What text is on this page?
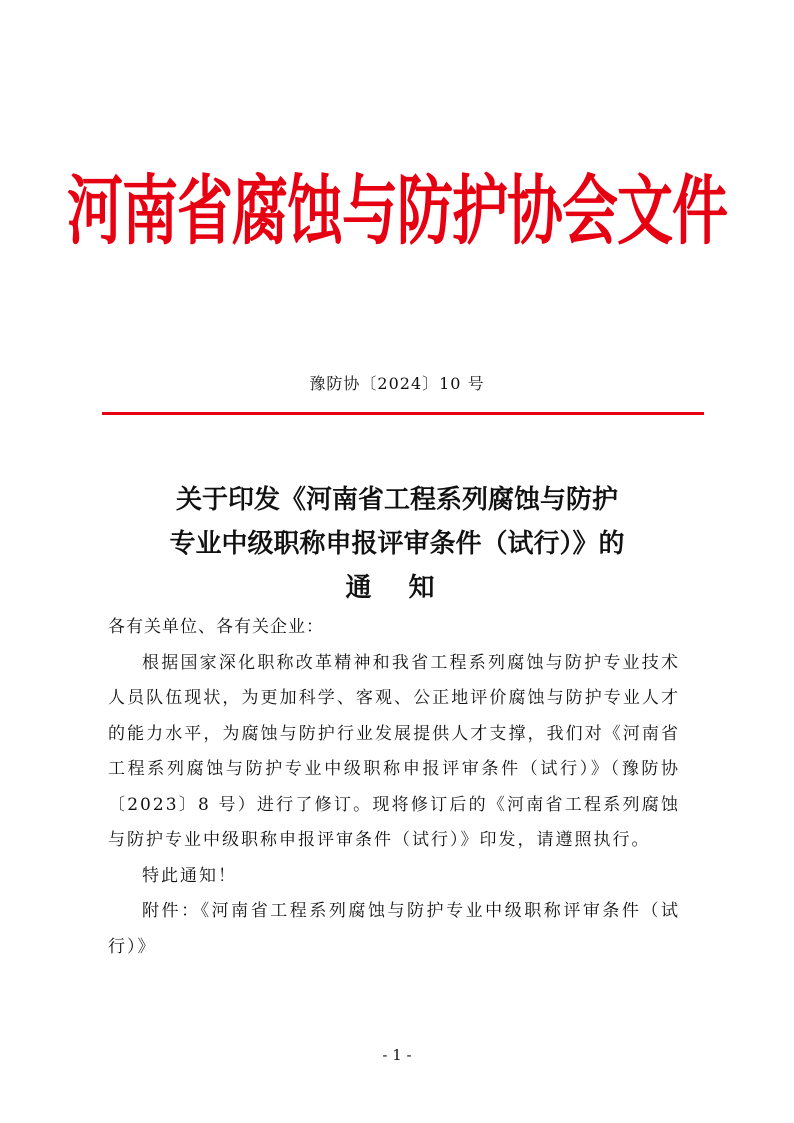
河南省腐蚀与防护协会文件
豫防协〔2024〕10 号
关于印发《河南省工程系列腐蚀与防护
专业中级职称申报评审条件（试行）》的
通 知

各有关单位、各有关企业：

根据国家深化职称改革精神和我省工程系列腐蚀与防护专业技术人员队伍现状，为更加科学、客观、公正地评价腐蚀与防护专业人才的能力水平，为腐蚀与防护行业发展提供人才支撑，我们对《河南省工程系列腐蚀与防护专业中级职称申报评审条件（试行）》（豫防协〔2023〕8 号）进行了修订。现将修订后的《河南省工程系列腐蚀与防护专业中级职称申报评审条件（试行）》印发，请遵照执行。

特此通知！

附件：《河南省工程系列腐蚀与防护专业中级职称评审条件（试行）》

- 1 -
